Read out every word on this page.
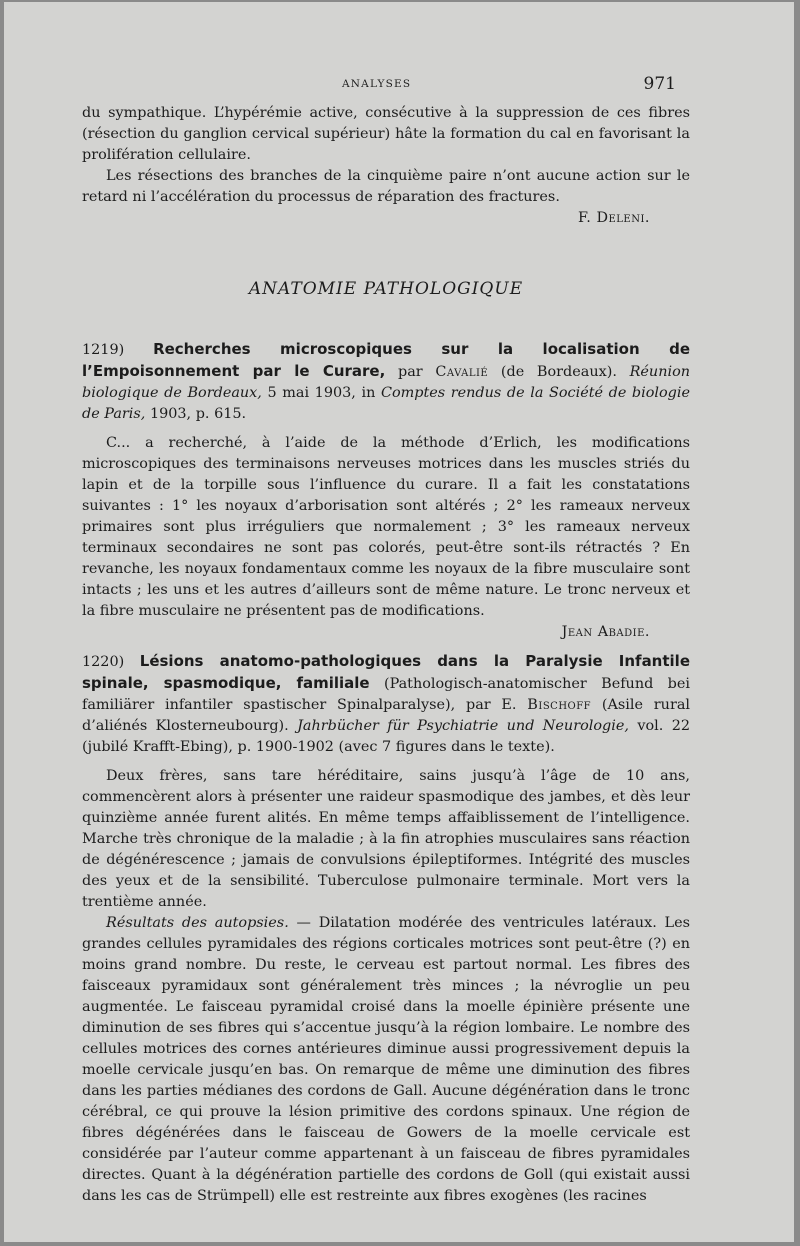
ANALYSES	971

du sympathique. L’hypérémie active, consécutive à la suppression de ces fibres (résection du ganglion cervical supérieur) hâte la formation du cal en favorisant la prolifération cellulaire.

Les résections des branches de la cinquième paire n’ont aucune action sur le retard ni l’accélération du processus de réparation des fractures.

F. Deleni.

ANATOMIE PATHOLOGIQUE

1219) Recherches microscopiques sur la localisation de l’Empoisonnement par le Curare, par Cavalié (de Bordeaux). Réunion biologique de Bordeaux, 5 mai 1903, in Comptes rendus de la Société de biologie de Paris, 1903, p. 615.

C... a recherché, à l’aide de la méthode d’Erlich, les modifications microscopiques des terminaisons nerveuses motrices dans les muscles striés du lapin et de la torpille sous l’influence du curare. Il a fait les constatations suivantes : 1° les noyaux d’arborisation sont altérés ; 2° les rameaux nerveux primaires sont plus irréguliers que normalement ; 3° les rameaux nerveux terminaux secondaires ne sont pas colorés, peut-être sont-ils rétractés ? En revanche, les noyaux fondamentaux comme les noyaux de la fibre musculaire sont intacts ; les uns et les autres d’ailleurs sont de même nature. Le tronc nerveux et la fibre musculaire ne présentent pas de modifications.

Jean Abadie.

1220) Lésions anatomo-pathologiques dans la Paralysie Infantile spinale, spasmodique, familiale (Pathologisch-anatomischer Befund bei familiärer infantiler spastischer Spinalparalyse), par E. Bischoff (Asile rural d’aliénés Klosterneubourg). Jahrbücher für Psychiatrie und Neurologie, vol. 22 (jubilé Krafft-Ebing), p. 1900-1902 (avec 7 figures dans le texte).

Deux frères, sans tare héréditaire, sains jusqu’à l’âge de 10 ans, commencèrent alors à présenter une raideur spasmodique des jambes, et dès leur quinzième année furent alités. En même temps affaiblissement de l’intelligence. Marche très chronique de la maladie ; à la fin atrophies musculaires sans réaction de dégénérescence ; jamais de convulsions épileptiformes. Intégrité des muscles des yeux et de la sensibilité. Tuberculose pulmonaire terminale. Mort vers la trentième année.

Résultats des autopsies. — Dilatation modérée des ventricules latéraux. Les grandes cellules pyramidales des régions corticales motrices sont peut-être (?) en moins grand nombre. Du reste, le cerveau est partout normal. Les fibres des faisceaux pyramidaux sont généralement très minces ; la névroglie un peu augmentée. Le faisceau pyramidal croisé dans la moelle épinière présente une diminution de ses fibres qui s’accentue jusqu’à la région lombaire. Le nombre des cellules motrices des cornes antérieures diminue aussi progressivement depuis la moelle cervicale jusqu’en bas. On remarque de même une diminution des fibres dans les parties médianes des cordons de Gall. Aucune dégénération dans le tronc cérébral, ce qui prouve la lésion primitive des cordons spinaux. Une région de fibres dégénérées dans le faisceau de Gowers de la moelle cervicale est considérée par l’auteur comme appartenant à un faisceau de fibres pyramidales directes. Quant à la dégénération partielle des cordons de Goll (qui existait aussi dans les cas de Strümpell) elle est restreinte aux fibres exogènes (les racines
